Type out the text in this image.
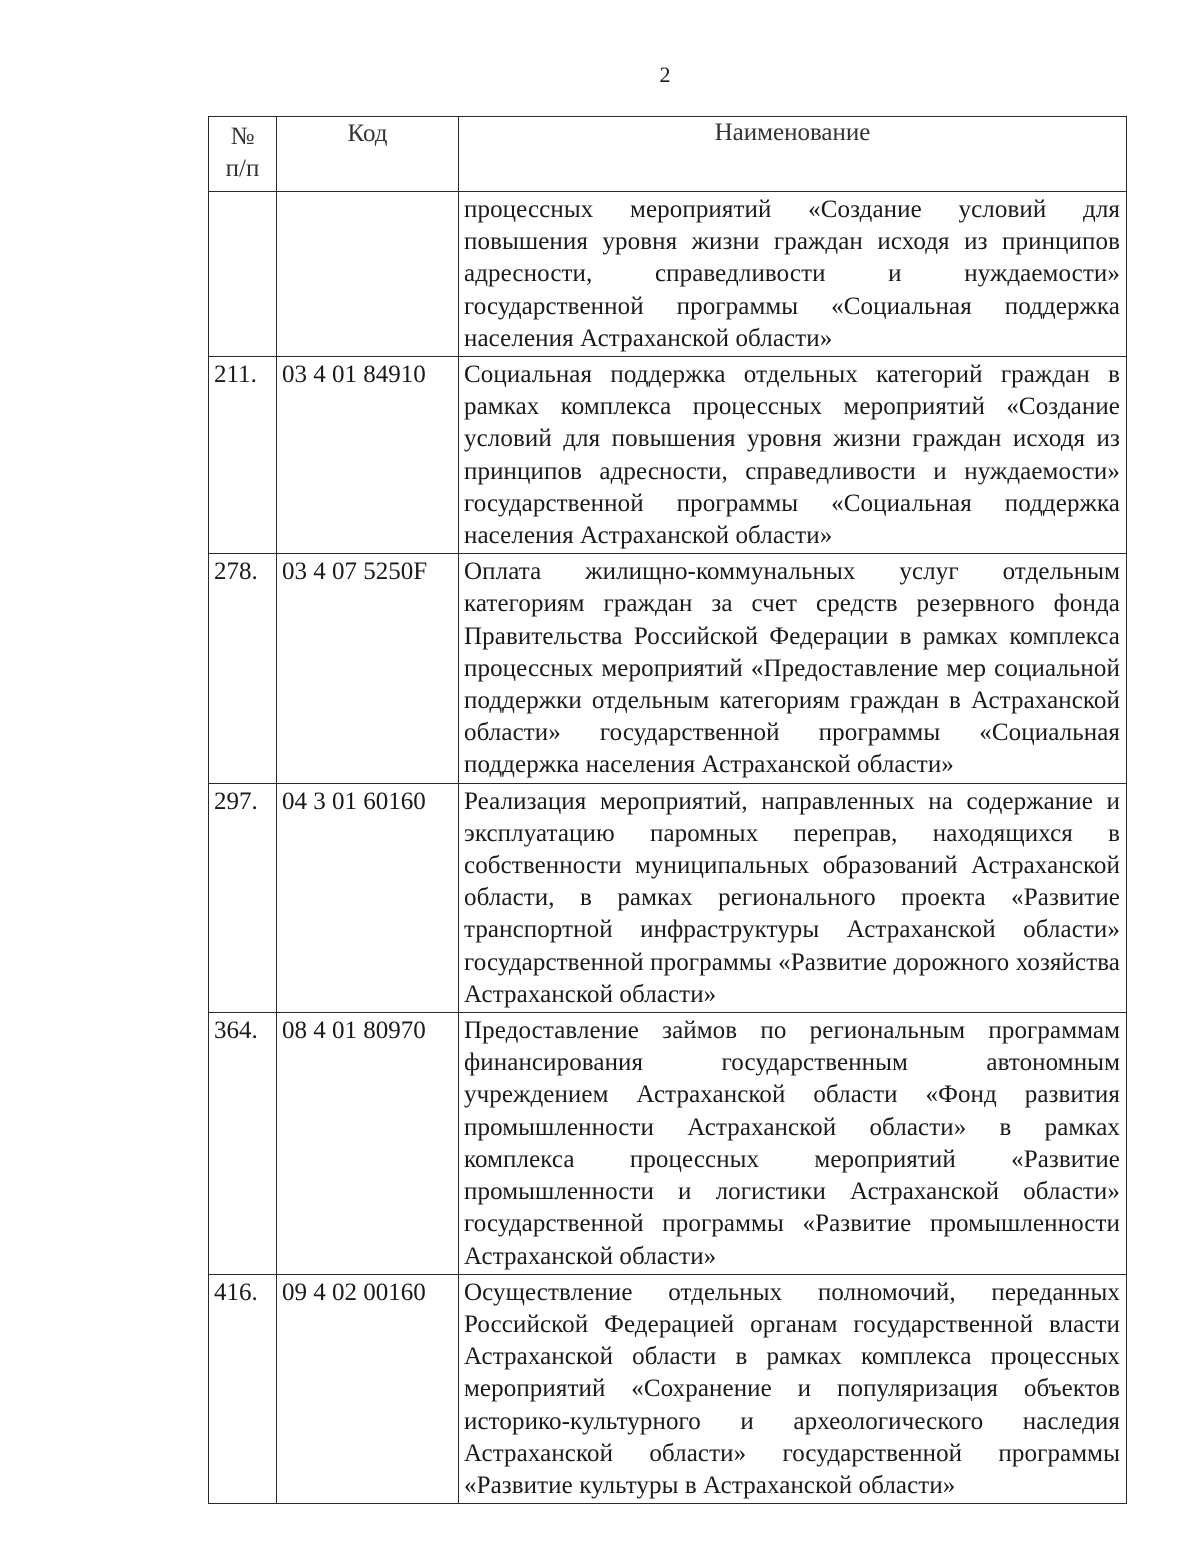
2
№
п/п	Код	Наименование

		процессных мероприятий «Создание условий для повышения уровня жизни граждан исходя из принципов адресности, справедливости и нуждаемости» государственной программы «Социальная поддержка населения Астраханской области»

211.	03 4 01 84910	Социальная поддержка отдельных категорий граждан в рамках комплекса процессных мероприятий «Создание условий для повышения уровня жизни граждан исходя из принципов адресности, справедливости и нуждаемости» государственной программы «Социальная поддержка населения Астраханской области»

278.	03 4 07 5250F	Оплата жилищно-коммунальных услуг отдельным категориям граждан за счет средств резервного фонда Правительства Российской Федерации в рамках комплекса процессных мероприятий «Предоставление мер социальной поддержки отдельным категориям граждан в Астраханской области» государственной программы «Социальная поддержка населения Астраханской области»

297.	04 3 01 60160	Реализация мероприятий, направленных на содержание и эксплуатацию паромных переправ, находящихся в собственности муниципальных образований Астраханской области, в рамках регионального проекта «Развитие транспортной инфраструктуры Астраханской области» государственной программы «Развитие дорожного хозяйства Астраханской области»

364.	08 4 01 80970	Предоставление займов по региональным программам финансирования государственным автономным учреждением Астраханской области «Фонд развития промышленности Астраханской области» в рамках комплекса процессных мероприятий «Развитие промышленности и логистики Астраханской области» государственной программы «Развитие промышленности Астраханской области»

416.	09 4 02 00160	Осуществление отдельных полномочий, переданных Российской Федерацией органам государственной власти Астраханской области в рамках комплекса процессных мероприятий «Сохранение и популяризация объектов историко-культурного и археологического наследия Астраханской области» государственной программы «Развитие культуры в Астраханской области»
